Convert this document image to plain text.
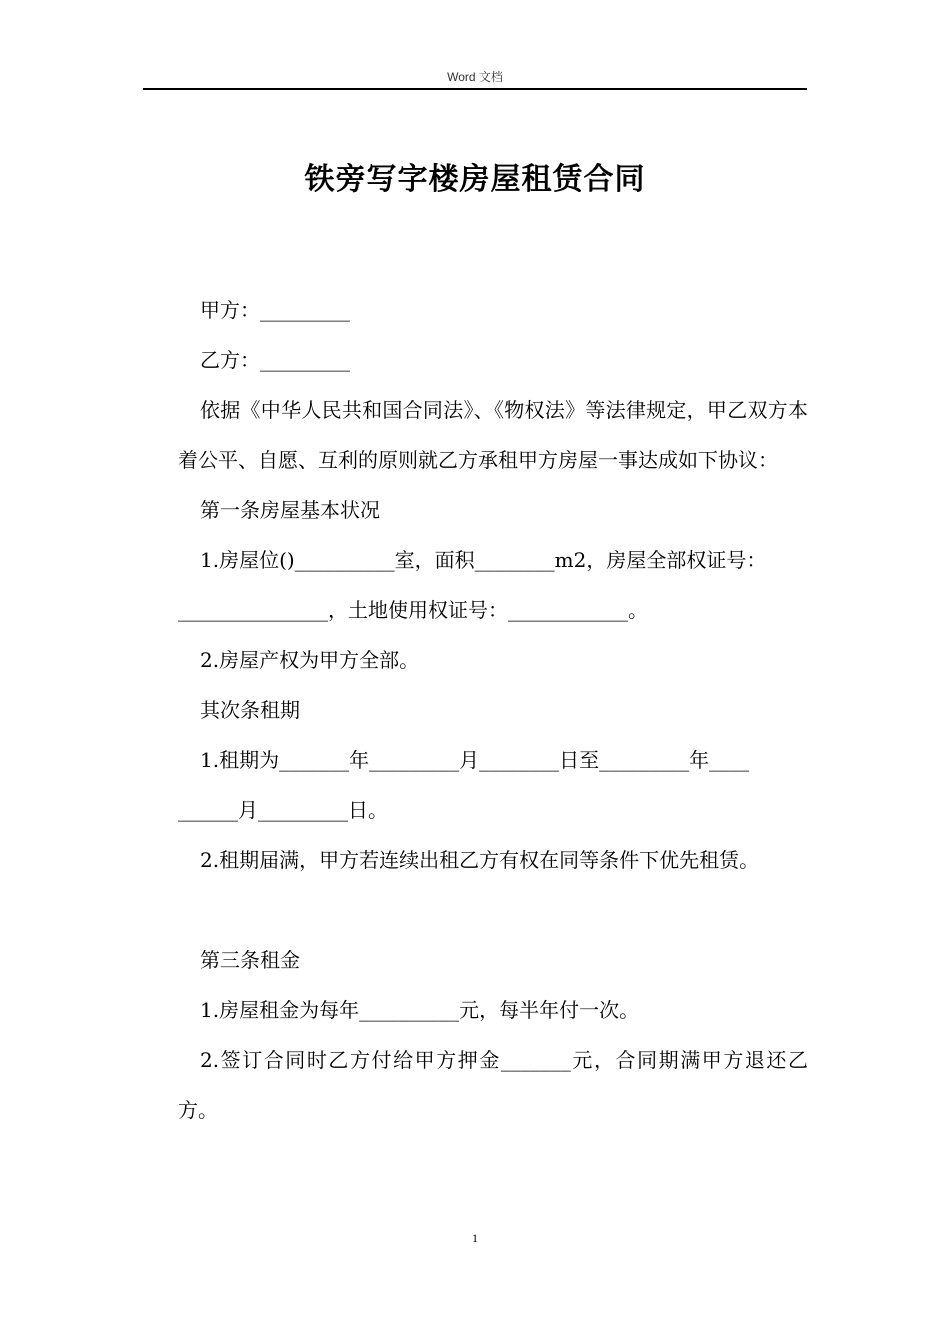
Word 文档
铁旁写字楼房屋租赁合同

甲方：_________

乙方：_________

依据《中华人民共和国合同法》、《物权法》等法律规定，甲乙双方本着公平、自愿、互利的原则就乙方承租甲方房屋一事达成如下协议：

第一条房屋基本状况

1.房屋位()__________室，面积________m2，房屋全部权证号：

_______________，土地使用权证号：____________。

2.房屋产权为甲方全部。

其次条租期

1.租期为_______年_________月________日至_________年____

______月_________日。

2.租期届满，甲方若连续出租乙方有权在同等条件下优先租赁。

第三条租金

1.房屋租金为每年__________元，每半年付一次。

2.签订合同时乙方付给甲方押金_______元，合同期满甲方退还乙方。

1
